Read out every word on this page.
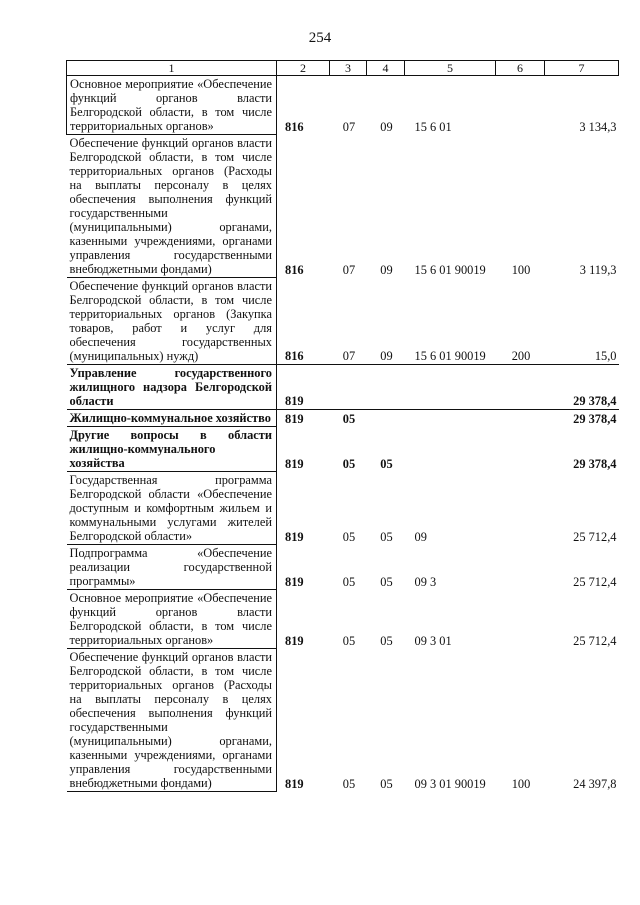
254
1	2	3	4	5	6	7
Основное мероприятие «Обеспечение функций органов власти Белгородской области, в том числе территориальных органов»	816	07	09	15 6 01		3 134,3
Обеспечение функций органов власти Белгородской области, в том числе территориальных органов (Расходы на выплаты персоналу в целях обеспечения выполнения функций государственными (муниципальными) органами, казенными учреждениями, органами управления государственными внебюджетными фондами)	816	07	09	15 6 01 90019	100	3 119,3
Обеспечение функций органов власти Белгородской области, в том числе территориальных органов (Закупка товаров, работ и услуг для обеспечения государственных (муниципальных) нужд)	816	07	09	15 6 01 90019	200	15,0
Управление государственного жилищного надзора Белгородской области	819					29 378,4
Жилищно-коммунальное хозяйство	819	05				29 378,4
Другие вопросы в области жилищно-коммунального хозяйства	819	05	05			29 378,4
Государственная программа Белгородской области «Обеспечение доступным и комфортным жильем и коммунальными услугами жителей Белгородской области»	819	05	05	09		25 712,4
Подпрограмма «Обеспечение реализации государственной программы»	819	05	05	09 3		25 712,4
Основное мероприятие «Обеспечение функций органов власти Белгородской области, в том числе территориальных органов»	819	05	05	09 3 01		25 712,4
Обеспечение функций органов власти Белгородской области, в том числе территориальных органов (Расходы на выплаты персоналу в целях обеспечения выполнения функций государственными (муниципальными) органами, казенными учреждениями, органами управления государственными внебюджетными фондами)	819	05	05	09 3 01 90019	100	24 397,8
